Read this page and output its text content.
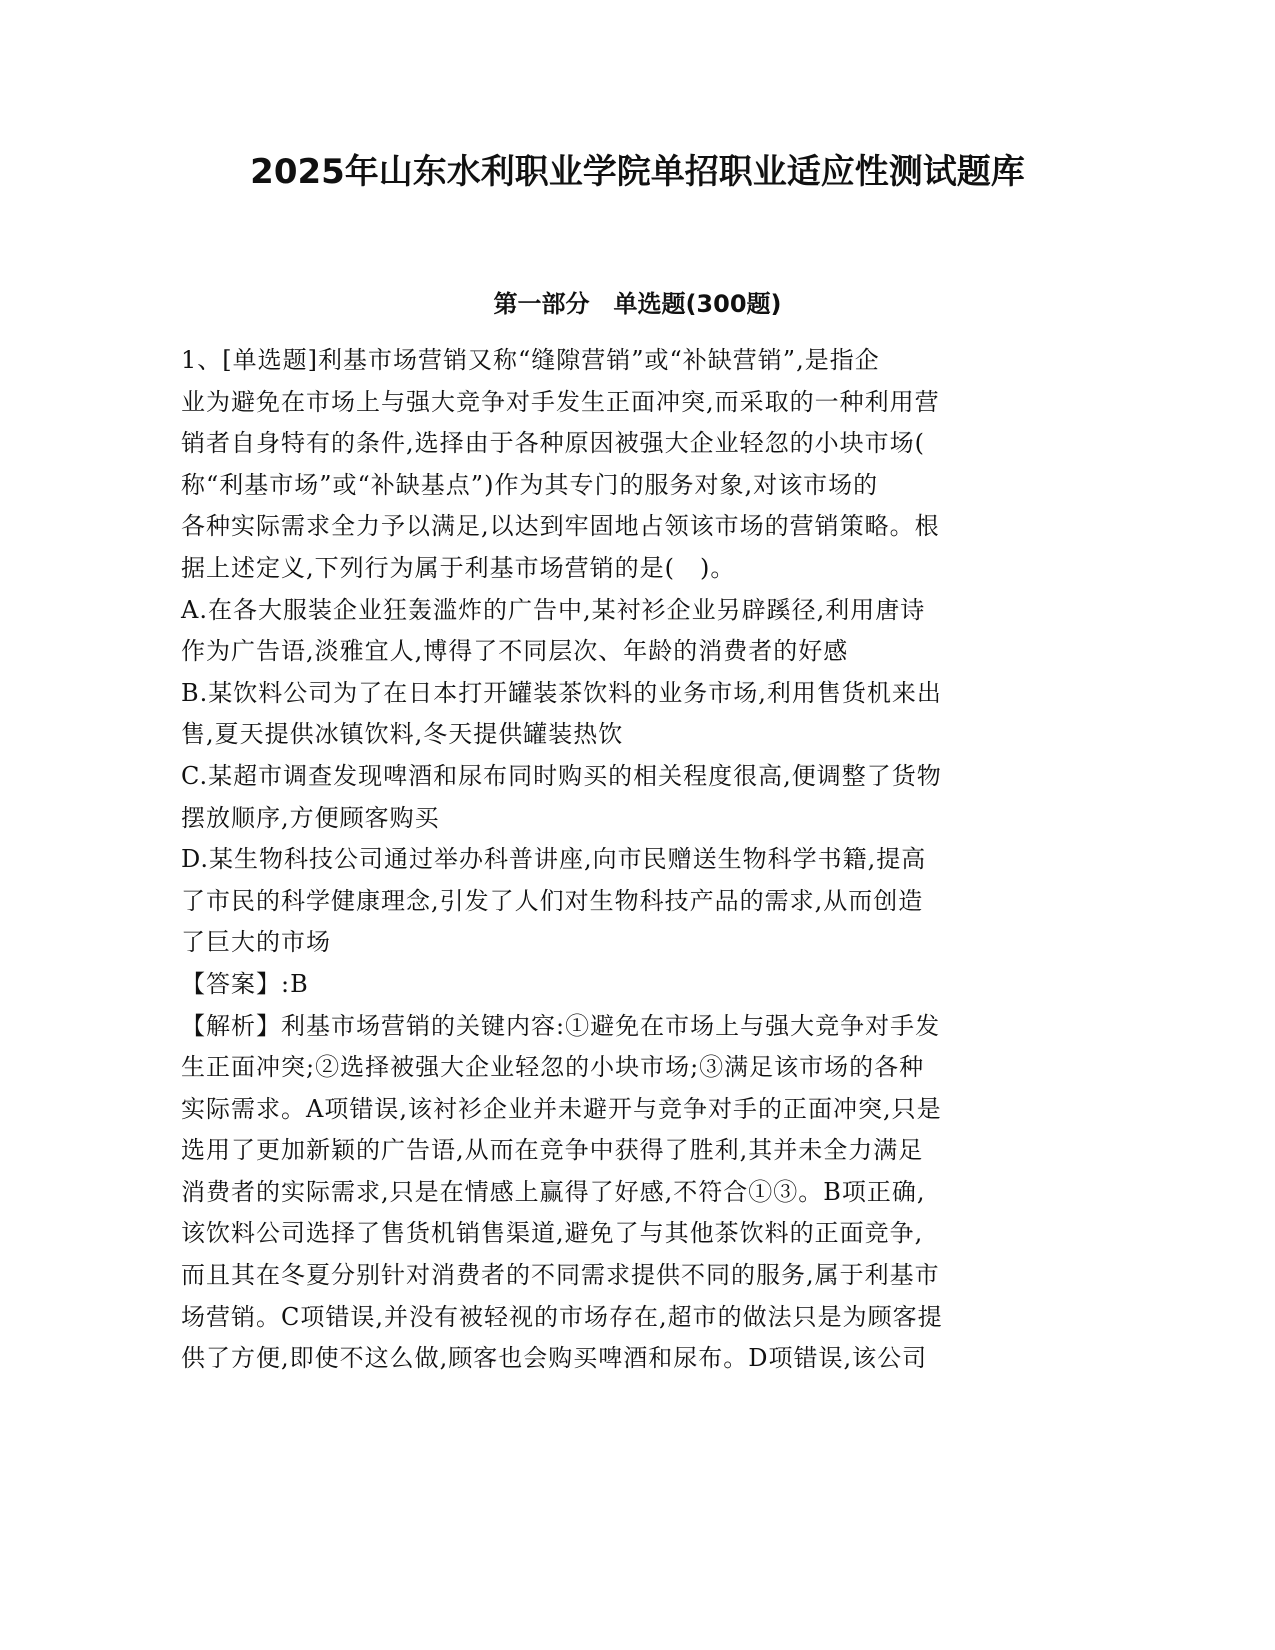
2025年山东水利职业学院单招职业适应性测试题库
第一部分　单选题(300题)
1、[单选题]利基市场营销又称“缝隙营销”或“补缺营销”,是指企
业为避免在市场上与强大竞争对手发生正面冲突,而采取的一种利用营
销者自身特有的条件,选择由于各种原因被强大企业轻忽的小块市场(
称“利基市场”或“补缺基点”)作为其专门的服务对象,对该市场的
各种实际需求全力予以满足,以达到牢固地占领该市场的营销策略。根
据上述定义,下列行为属于利基市场营销的是(　)。
A.在各大服装企业狂轰滥炸的广告中,某衬衫企业另辟蹊径,利用唐诗
作为广告语,淡雅宜人,博得了不同层次、年龄的消费者的好感
B.某饮料公司为了在日本打开罐装茶饮料的业务市场,利用售货机来出
售,夏天提供冰镇饮料,冬天提供罐装热饮
C.某超市调查发现啤酒和尿布同时购买的相关程度很高,便调整了货物
摆放顺序,方便顾客购买
D.某生物科技公司通过举办科普讲座,向市民赠送生物科学书籍,提高
了市民的科学健康理念,引发了人们对生物科技产品的需求,从而创造
了巨大的市场
【答案】:B
【解析】利基市场营销的关键内容:①避免在市场上与强大竞争对手发
生正面冲突;②选择被强大企业轻忽的小块市场;③满足该市场的各种
实际需求。A项错误,该衬衫企业并未避开与竞争对手的正面冲突,只是
选用了更加新颖的广告语,从而在竞争中获得了胜利,其并未全力满足
消费者的实际需求,只是在情感上赢得了好感,不符合①③。B项正确,
该饮料公司选择了售货机销售渠道,避免了与其他茶饮料的正面竞争,
而且其在冬夏分别针对消费者的不同需求提供不同的服务,属于利基市
场营销。C项错误,并没有被轻视的市场存在,超市的做法只是为顾客提
供了方便,即使不这么做,顾客也会购买啤酒和尿布。D项错误,该公司
